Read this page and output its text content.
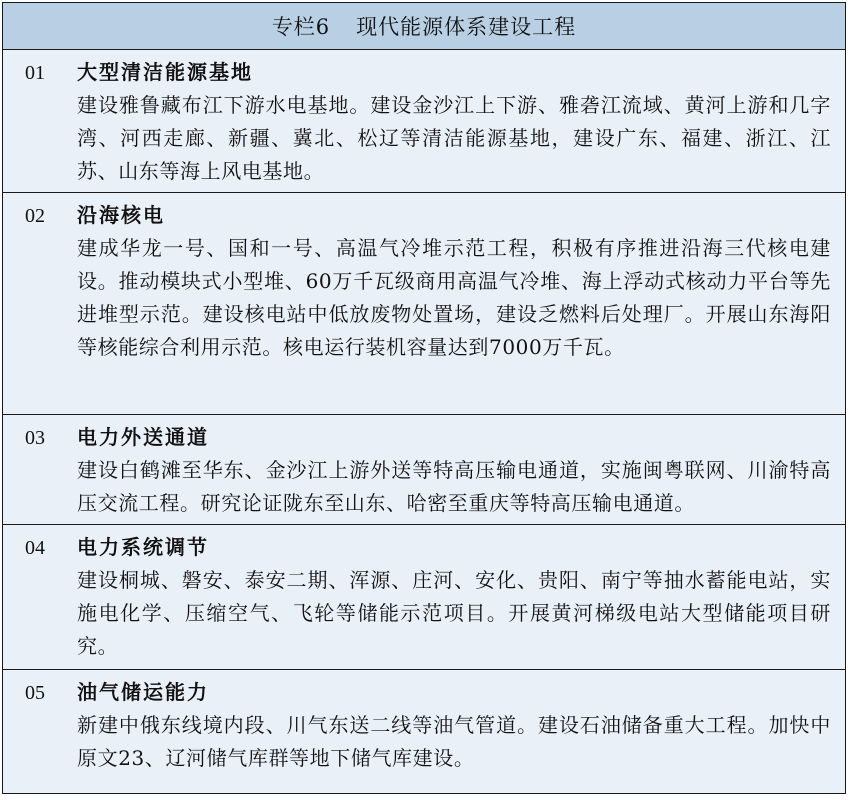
专栏6 现代能源体系建设工程
01	大型清洁能源基地
建设雅鲁藏布江下游水电基地。建设金沙江上下游、雅砻江流域、黄河上游和几字湾、河西走廊、新疆、冀北、松辽等清洁能源基地，建设广东、福建、浙江、江苏、山东等海上风电基地。
02	沿海核电
建成华龙一号、国和一号、高温气冷堆示范工程，积极有序推进沿海三代核电建设。推动模块式小型堆、60万千瓦级商用高温气冷堆、海上浮动式核动力平台等先进堆型示范。建设核电站中低放废物处置场，建设乏燃料后处理厂。开展山东海阳等核能综合利用示范。核电运行装机容量达到7000万千瓦。
03	电力外送通道
建设白鹤滩至华东、金沙江上游外送等特高压输电通道，实施闽粤联网、川渝特高压交流工程。研究论证陇东至山东、哈密至重庆等特高压输电通道。
04	电力系统调节
建设桐城、磐安、泰安二期、浑源、庄河、安化、贵阳、南宁等抽水蓄能电站，实施电化学、压缩空气、飞轮等储能示范项目。开展黄河梯级电站大型储能项目研究。
05	油气储运能力
新建中俄东线境内段、川气东送二线等油气管道。建设石油储备重大工程。加快中原文23、辽河储气库群等地下储气库建设。
